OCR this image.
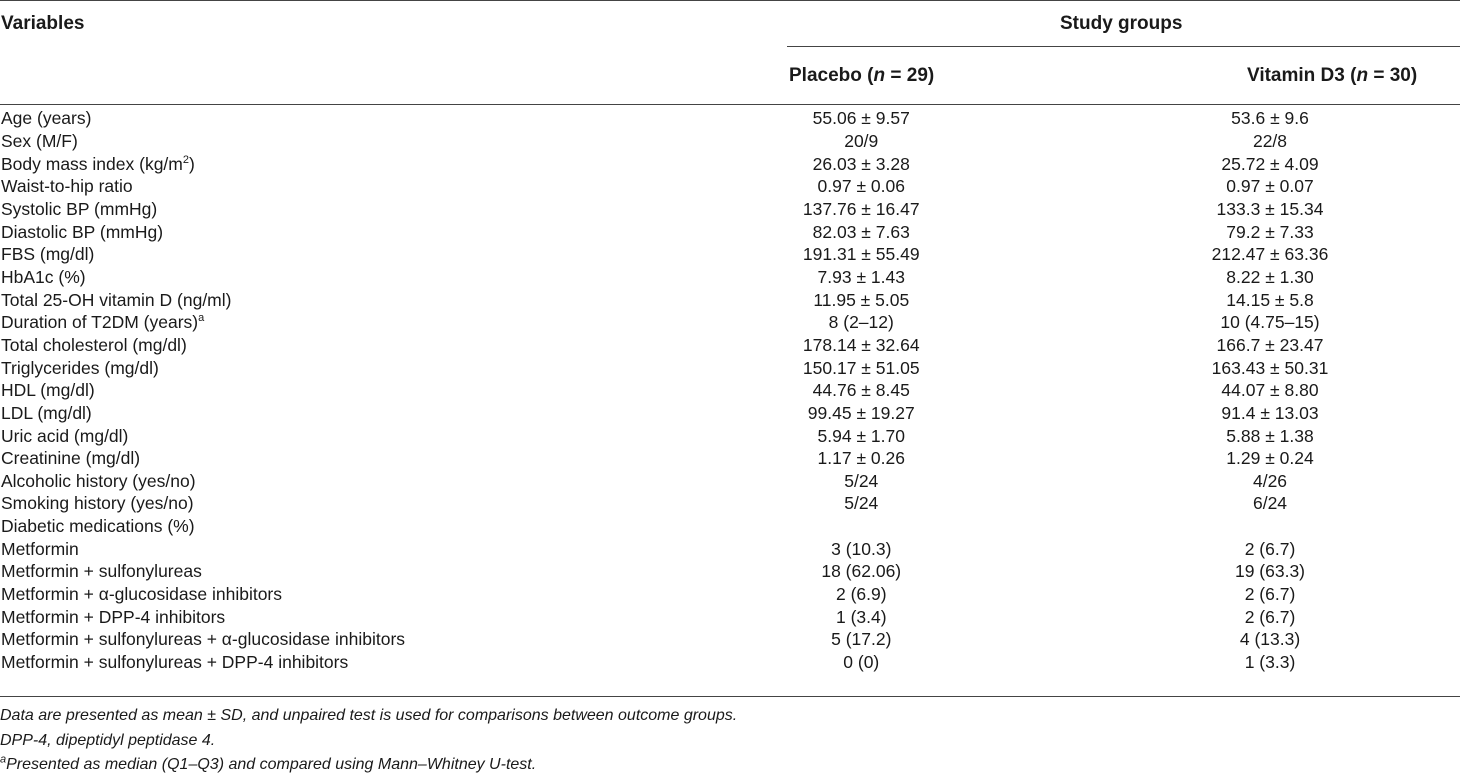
Variables	Study groups
Placebo (n = 29)	Vitamin D3 (n = 30)
Age (years)	55.06 ± 9.57	53.6 ± 9.6
Sex (M/F)	20/9	22/8
Body mass index $(kg/m^2)$	26.03 ± 3.28	25.72 ± 4.09
Waist-to-hip ratio	0.97 ± 0.06	0.97 ± 0.07
Systolic BP (mmHg)	137.76 ± 16.47	133.3 ± 15.34
Diastolic BP (mmHg)	82.03 ± 7.63	79.2 ± 7.33
FBS (mg/dl)	191.31 ± 55.49	212.47 ± 63.36
HbA1c (%)	7.93 ± 1.43	8.22 ± 1.30
Total 25-OH vitamin D (ng/ml)	11.95 ± 5.05	14.15 ± 5.8
Duration of T2DM (years)$^a$	8 (2–12)	10 (4.75–15)
Total cholesterol (mg/dl)	178.14 ± 32.64	166.7 ± 23.47
Triglycerides (mg/dl)	150.17 ± 51.05	163.43 ± 50.31
HDL (mg/dl)	44.76 ± 8.45	44.07 ± 8.80
LDL (mg/dl)	99.45 ± 19.27	91.4 ± 13.03
Uric acid (mg/dl)	5.94 ± 1.70	5.88 ± 1.38
Creatinine (mg/dl)	1.17 ± 0.26	1.29 ± 0.24
Alcoholic history (yes/no)	5/24	4/26
Smoking history (yes/no)	5/24	6/24
Diabetic medications (%)		
Metformin	3 (10.3)	2 (6.7)
Metformin + sulfonylureas	18 (62.06)	19 (63.3)
Metformin + α-glucosidase inhibitors	2 (6.9)	2 (6.7)
Metformin + DPP-4 inhibitors	1 (3.4)	2 (6.7)
Metformin + sulfonylureas + α-glucosidase inhibitors	5 (17.2)	4 (13.3)
Metformin + sulfonylureas + DPP-4 inhibitors	0 (0)	1 (3.3)
Data are presented as mean ± SD, and unpaired test is used for comparisons between outcome groups.
DPP-4, dipeptidyl peptidase 4.
$^a$Presented as median (Q1–Q3) and compared using Mann–Whitney U-test.
